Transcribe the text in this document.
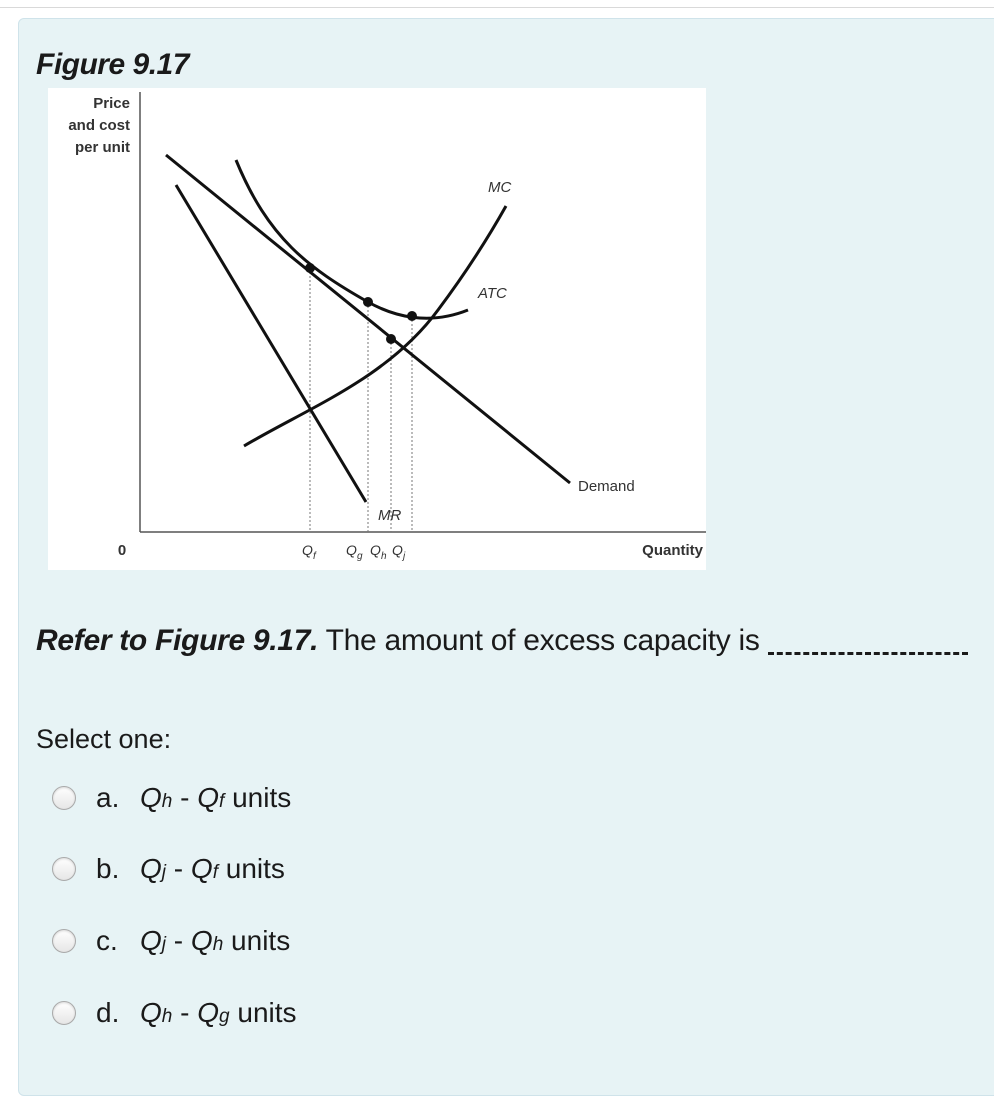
Figure 9.17
Price
and cost
per unit
0	Quantity
MC
ATC
Demand
MR
Q f Q g Q h Q j
Refer to Figure 9.17. The amount of excess capacity is
Select one:
a. Q h - Q f units
b. Q j - Q f units
c. Q j - Q h units
d. Q h - Q g units
